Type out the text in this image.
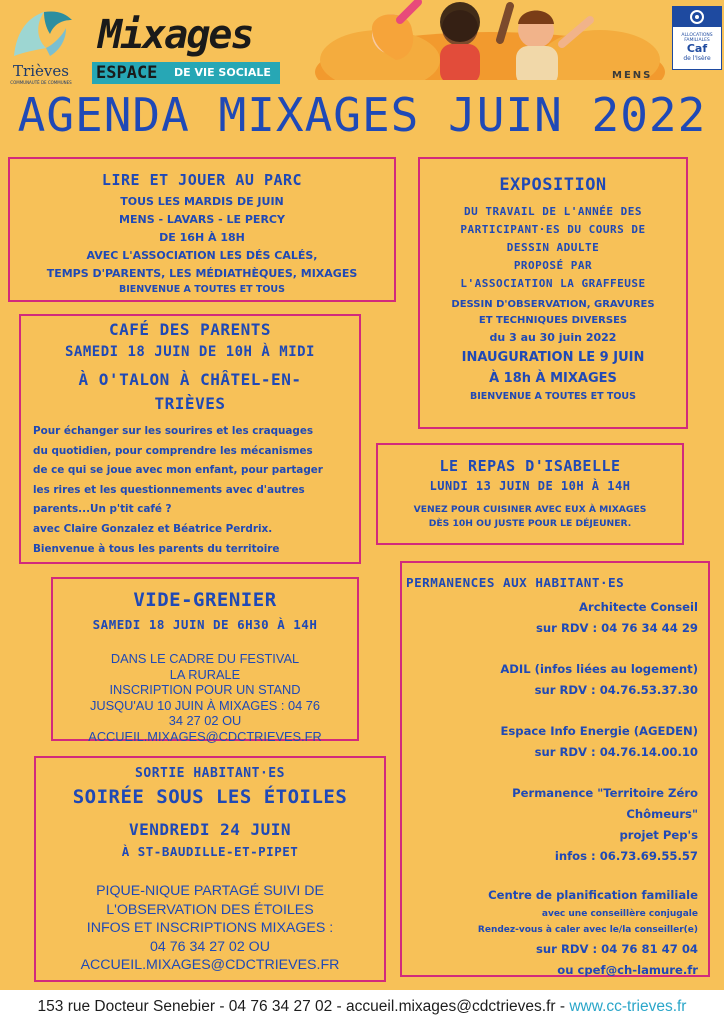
Trièves
COMMUNAUTÉ DE COMMUNES
Mixages
ESPACE DE VIE SOCIALE	MENS
ALLOCATIONS FAMILIALES
Caf
de l'Isère
AGENDA MIXAGES JUIN 2022
LIRE ET JOUER AU PARC
TOUS LES MARDIS DE JUIN
MENS - LAVARS - LE PERCY
DE 16H À 18H
AVEC L'ASSOCIATION LES DÉS CALÉS,
TEMPS D'PARENTS, LES MÉDIATHÈQUES, MIXAGES
BIENVENUE A TOUTES ET TOUS
EXPOSITION
DU TRAVAIL DE L'ANNÉE DES
PARTICIPANT·ES DU COURS DE
DESSIN ADULTE
PROPOSÉ PAR
L'ASSOCIATION LA GRAFFEUSE
DESSIN D'OBSERVATION, GRAVURES
ET TECHNIQUES DIVERSES
du 3 au 30 juin 2022
INAUGURATION LE 9 JUIN
À 18h À MIXAGES
BIENVENUE A TOUTES ET TOUS
CAFÉ DES PARENTS
SAMEDI 18 JUIN DE 10H À MIDI
À O'TALON À CHÂTEL-EN-
TRIÈVES
Pour échanger sur les sourires et les craquages
du quotidien, pour comprendre les mécanismes
de ce qui se joue avec mon enfant, pour partager
les rires et les questionnements avec d'autres
parents...Un p'tit café ?
avec Claire Gonzalez et Béatrice Perdrix.
Bienvenue à tous les parents du territoire
LE REPAS D'ISABELLE
LUNDI 13 JUIN DE 10H À 14H
VENEZ POUR CUISINER AVEC EUX À MIXAGES
DÈS 10H OU JUSTE POUR LE DÉJEUNER.
VIDE-GRENIER
SAMEDI 18 JUIN DE 6H30 À 14H
DANS LE CADRE DU FESTIVAL
LA RURALE
INSCRIPTION POUR UN STAND
JUSQU'AU 10 JUIN À MIXAGES : 04 76
34 27 02 OU
ACCUEIL.MIXAGES@CDCTRIEVES.FR
PERMANENCES AUX HABITANT·ES
Architecte Conseil
sur RDV : 04 76 34 44 29
ADIL (infos liées au logement)
sur RDV : 04.76.53.37.30
Espace Info Energie (AGEDEN)
sur RDV : 04.76.14.00.10
Permanence "Territoire Zéro
Chômeurs"
projet Pep's
infos : 06.73.69.55.57
Centre de planification familiale
avec une conseillère conjugale
Rendez-vous à caler avec le/la conseiller(e)
sur RDV : 04 76 81 47 04
ou cpef@ch-lamure.fr
SORTIE HABITANT·ES
SOIRÉE SOUS LES ÉTOILES
VENDREDI 24 JUIN
À ST-BAUDILLE-ET-PIPET
PIQUE-NIQUE PARTAGÉ SUIVI DE
L'OBSERVATION DES ÉTOILES
INFOS ET INSCRIPTIONS MIXAGES :
04 76 34 27 02 OU
ACCUEIL.MIXAGES@CDCTRIEVES.FR
153 rue Docteur Senebier - 04 76 34 27 02 - accueil.mixages@cdctrieves.fr - www.cc-trieves.fr
